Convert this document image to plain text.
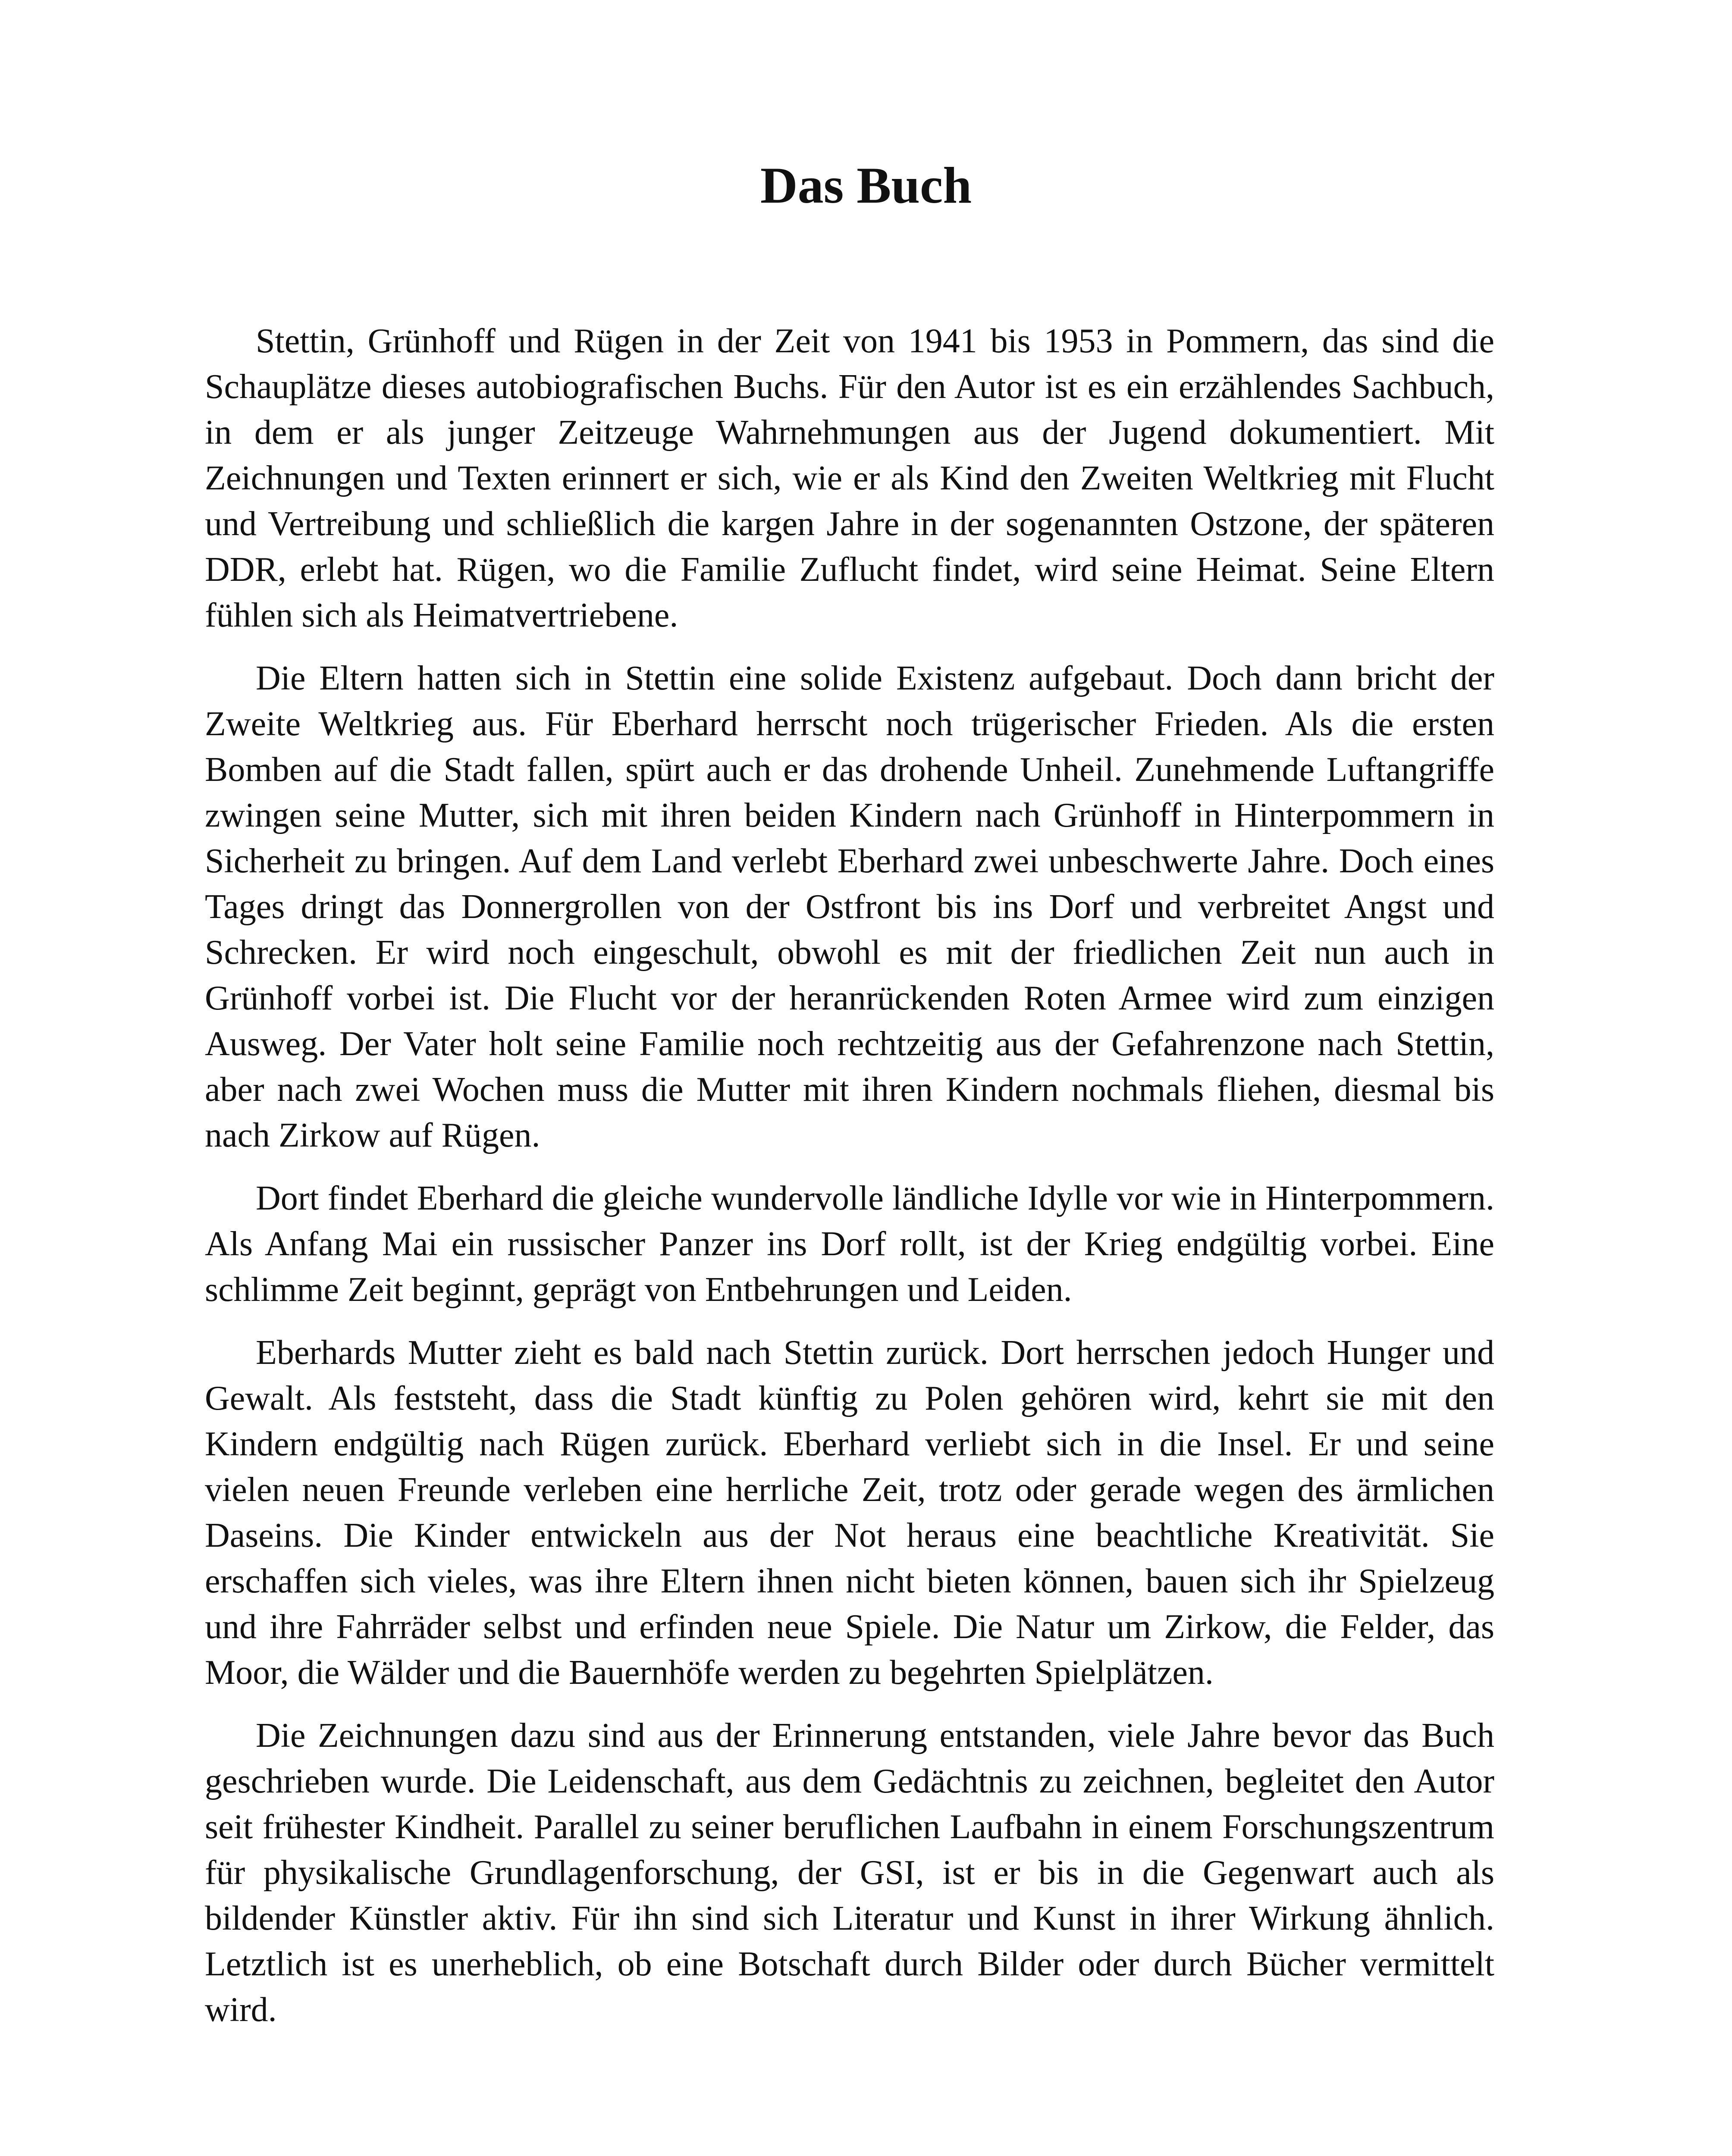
Das Buch

Stettin, Grünhoff und Rügen in der Zeit von 1941 bis 1953 in Pommern, das sind die Schauplätze dieses autobiografischen Buchs. Für den Autor ist es ein erzählendes Sachbuch, in dem er als junger Zeitzeuge Wahrnehmungen aus der Jugend dokumentiert. Mit Zeichnungen und Texten erinnert er sich, wie er als Kind den Zweiten Weltkrieg mit Flucht und Vertreibung und schließlich die kargen Jahre in der sogenannten Ostzone, der späteren DDR, erlebt hat. Rügen, wo die Familie Zuflucht findet, wird seine Heimat. Seine Eltern fühlen sich als Heimatvertriebene.

Die Eltern hatten sich in Stettin eine solide Existenz aufgebaut. Doch dann bricht der Zweite Weltkrieg aus. Für Eberhard herrscht noch trügerischer Frieden. Als die ersten Bomben auf die Stadt fallen, spürt auch er das drohende Unheil. Zunehmende Luftangriffe zwingen seine Mutter, sich mit ihren beiden Kindern nach Grünhoff in Hinterpommern in Sicherheit zu bringen. Auf dem Land verlebt Eberhard zwei unbeschwerte Jahre. Doch eines Tages dringt das Donnergrollen von der Ostfront bis ins Dorf und verbreitet Angst und Schrecken. Er wird noch eingeschult, obwohl es mit der friedlichen Zeit nun auch in Grünhoff vorbei ist. Die Flucht vor der heranrückenden Roten Armee wird zum einzigen Ausweg. Der Vater holt seine Familie noch rechtzeitig aus der Gefahrenzone nach Stettin, aber nach zwei Wochen muss die Mutter mit ihren Kindern nochmals fliehen, diesmal bis nach Zirkow auf Rügen.

Dort findet Eberhard die gleiche wundervolle ländliche Idylle vor wie in Hinterpommern. Als Anfang Mai ein russischer Panzer ins Dorf rollt, ist der Krieg endgültig vorbei. Eine schlimme Zeit beginnt, geprägt von Entbehrungen und Leiden.

Eberhards Mutter zieht es bald nach Stettin zurück. Dort herrschen jedoch Hunger und Gewalt. Als feststeht, dass die Stadt künftig zu Polen gehören wird, kehrt sie mit den Kindern endgültig nach Rügen zurück. Eberhard verliebt sich in die Insel. Er und seine vielen neuen Freunde verleben eine herrliche Zeit, trotz oder gerade wegen des ärmlichen Daseins. Die Kinder entwickeln aus der Not heraus eine beachtliche Kreativität. Sie erschaffen sich vieles, was ihre Eltern ihnen nicht bieten können, bauen sich ihr Spielzeug und ihre Fahrräder selbst und erfinden neue Spiele. Die Natur um Zirkow, die Felder, das Moor, die Wälder und die Bauernhöfe werden zu begehrten Spielplätzen.

Die Zeichnungen dazu sind aus der Erinnerung entstanden, viele Jahre bevor das Buch geschrieben wurde. Die Leidenschaft, aus dem Gedächtnis zu zeichnen, begleitet den Autor seit frühester Kindheit. Parallel zu seiner beruflichen Laufbahn in einem Forschungszentrum für physikalische Grundlagenforschung, der GSI, ist er bis in die Gegenwart auch als bildender Künstler aktiv. Für ihn sind sich Literatur und Kunst in ihrer Wirkung ähnlich. Letztlich ist es unerheblich, ob eine Botschaft durch Bilder oder durch Bücher vermittelt wird.
